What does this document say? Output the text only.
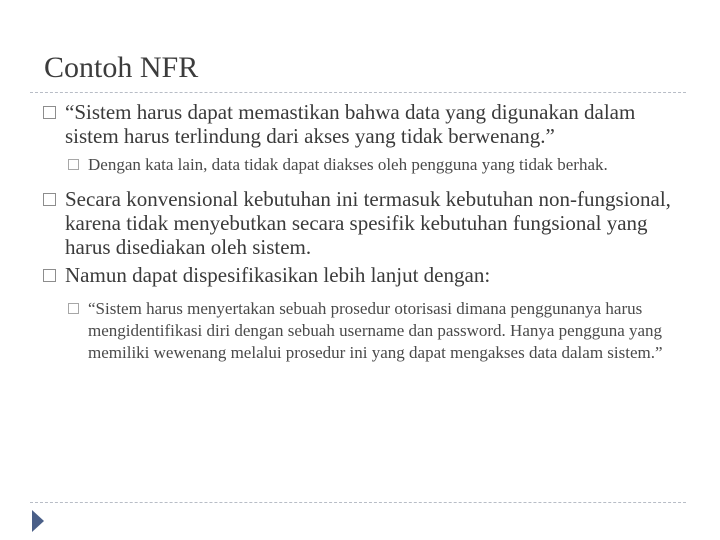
Contoh NFR

“Sistem harus dapat memastikan bahwa data yang digunakan dalam sistem harus terlindung dari akses yang tidak berwenang.”

Dengan kata lain, data tidak dapat diakses oleh pengguna yang tidak berhak.

Secara konvensional kebutuhan ini termasuk kebutuhan non-fungsional, karena tidak menyebutkan secara spesifik kebutuhan fungsional yang harus disediakan oleh sistem.

Namun dapat dispesifikasikan lebih lanjut dengan:

“Sistem harus menyertakan sebuah prosedur otorisasi dimana penggunanya harus mengidentifikasi diri dengan sebuah username dan password. Hanya pengguna yang memiliki wewenang melalui prosedur ini yang dapat mengakses data dalam sistem.”
